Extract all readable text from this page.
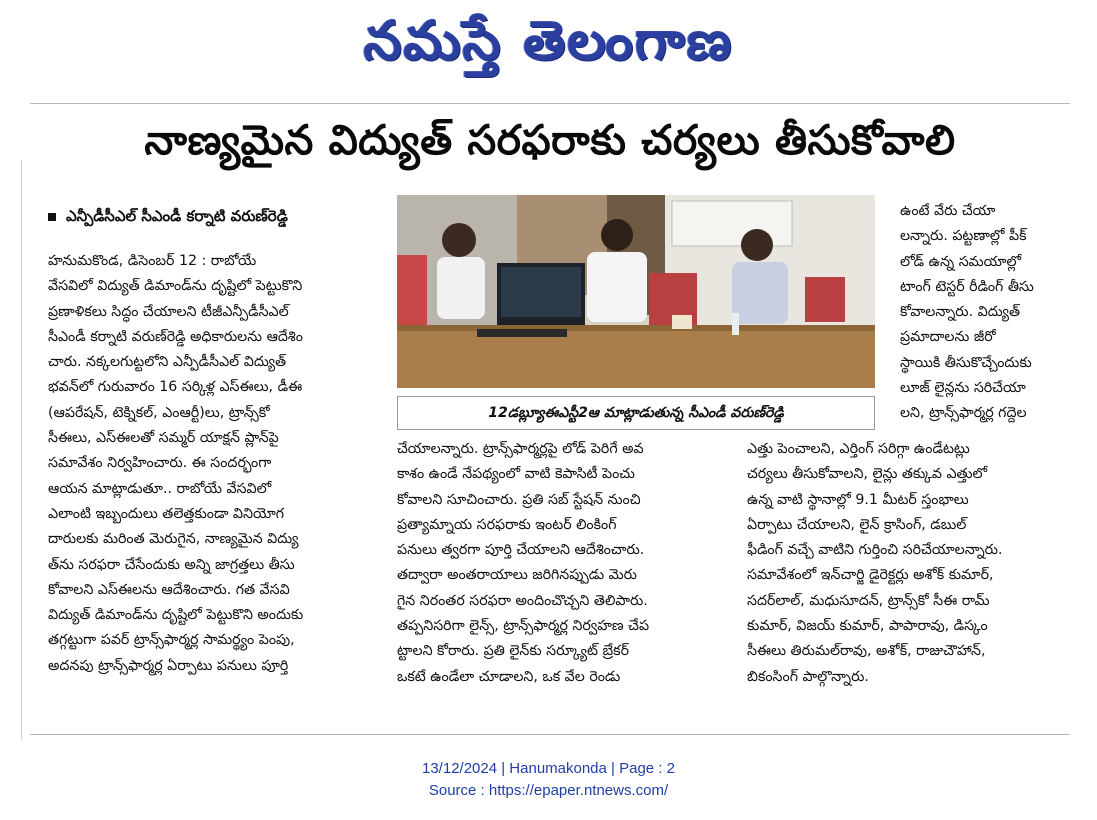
నమస్తే తెలంగాణ
నాణ్యమైన విద్యుత్ సరఫరాకు చర్యలు తీసుకోవాలి
ఎన్పీడీసీఎల్ సీఎండీ కర్నాటి వరుణ్‌రెడ్డి

హనుమకొండ, డిసెంబర్ 12 : రాబోయే

వేసవిలో విద్యుత్ డిమాండ్‌ను దృష్టిలో పెట్టుకొని

ప్రణాళికలు సిద్ధం చేయాలని టీజీఎన్పీడీసీఎల్

సీఎండీ కర్నాటి వరుణ్‌రెడ్డి అధికారులను ఆదేశిం

చారు. నక్కలగుట్టలోని ఎన్పీడీసీఎల్ విద్యుత్

భవన్‌లో గురువారం 16 సర్కిళ్ల ఎస్ఈలు, డీఈ

(ఆపరేషన్, టెక్నికల్, ఎంఆర్టీ)లు, ట్రాన్స్‌కో

సీఈలు, ఎస్ఈలతో సమ్మర్ యాక్షన్ ప్లాన్‌పై

సమావేశం నిర్వహించారు. ఈ సందర్భంగా

ఆయన మాట్లాడుతూ.. రాబోయే వేసవిలో

ఎలాంటి ఇబ్బందులు తలెత్తకుండా వినియోగ

దారులకు మరింత మెరుగైన, నాణ్యమైన విద్యు

త్‌ను సరఫరా చేసేందుకు అన్ని జాగ్రత్తలు తీసు

కోవాలని ఎస్ఈలను ఆదేశించారు. గత వేసవి

విద్యుత్ డిమాండ్‌ను దృష్టిలో పెట్టుకొని అందుకు

తగ్గట్టుగా పవర్ ట్రాన్స్‌ఫార్మర్ల సామర్థ్యం పెంపు,

అదనపు ట్రాన్స్‌ఫార్మర్ల ఏర్పాటు పనులు పూర్తి

12డబ్ల్యూఈఎస్టీ2ఆ మాట్లాడుతున్న సీఎండీ వరుణ్‌రెడ్డి

ఉంటే వేరు చేయా

లన్నారు. పట్టణాల్లో పీక్

లోడ్ ఉన్న సమయాల్లో

టాంగ్ టెస్టర్ రీడింగ్ తీసు

కోవాలన్నారు. విద్యుత్

ప్రమాదాలను జీరో

స్థాయికి తీసుకొచ్చేందుకు

లూజ్ లైన్లను సరిచేయా

లని, ట్రాన్స్‌ఫార్మర్ల గద్దెల

చేయాలన్నారు. ట్రాన్స్‌ఫార్మర్లపై లోడ్ పెరిగే అవ

కాశం ఉండే నేపథ్యంలో వాటి కెపాసిటీ పెంచు

కోవాలని సూచించారు. ప్రతి సబ్ స్టేషన్ నుంచి

ప్రత్యామ్నాయ సరఫరాకు ఇంటర్ లింకింగ్

పనులు త్వరగా పూర్తి చేయాలని ఆదేశించారు.

తద్వారా అంతరాయాలు జరిగినప్పుడు మెరు

గైన నిరంతర సరఫరా అందించొచ్చని తెలిపారు.

తప్పనిసరిగా లైన్స్, ట్రాన్స్‌ఫార్మర్ల నిర్వహణ చేప

ట్టాలని కోరారు. ప్రతి లైన్‌కు సర్క్యూట్ బ్రేకర్

ఒకటే ఉండేలా చూడాలని, ఒక వేల రెండు

ఎత్తు పెంచాలని, ఎర్తింగ్ సరిగ్గా ఉండేటట్లు

చర్యలు తీసుకోవాలని, లైన్లు తక్కువ ఎత్తులో

ఉన్న వాటి స్థానాల్లో 9.1 మీటర్ స్తంభాలు

ఏర్పాటు చేయాలని, లైన్ క్రాసింగ్, డబుల్

ఫీడింగ్ వచ్చే వాటిని గుర్తించి సరిచేయాలన్నారు.

సమావేశంలో ఇన్‌చార్జి డైరెక్టర్లు అశోక్ కుమార్,

సదర్‌లాల్, మధుసూదన్, ట్రాన్స్‌కో సీఈ రామ్

కుమార్, విజయ్ కుమార్, పాపారావు, డిస్కం

సీఈలు తిరుమల్‌రావు, అశోక్, రాజుచౌహాన్,

బికంసింగ్ పాల్గొన్నారు.

13/12/2024 | Hanumakonda | Page : 2
Source : https://epaper.ntnews.com/
